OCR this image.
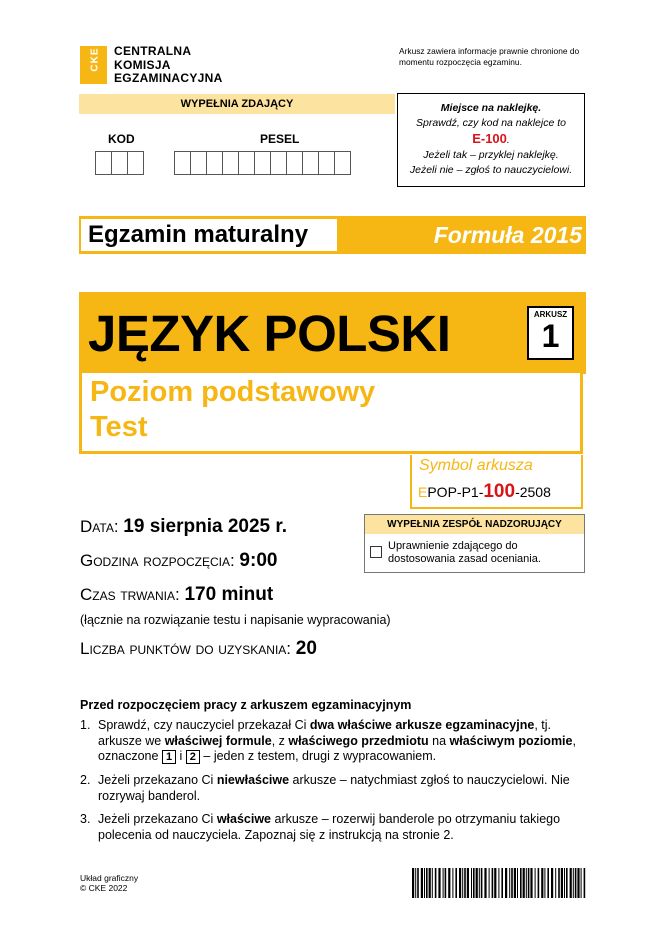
CKE CENTRALNA
KOMISJA
EGZAMINACYJNA
Arkusz zawiera informacje prawnie chronione do momentu rozpoczęcia egzaminu.
WYPEŁNIA ZDAJĄCY
KOD	PESEL
Miejsce na naklejkę.
Sprawdź, czy kod na naklejce to
E-100.
Jeżeli tak – przyklej naklejkę.
Jeżeli nie – zgłoś to nauczycielowi.
Egzamin maturalny	Formuła 2015
JĘZYK POLSKI	ARKUSZ
1
Poziom podstawowy
Test
Symbol arkusza
EPOP-P1-100-2508
Data: 19 sierpnia 2025 r.
Godzina rozpoczęcia: 9:00
Czas trwania: 170 minut
(łącznie na rozwiązanie testu i napisanie wypracowania)
Liczba punktów do uzyskania: 20
WYPEŁNIA ZESPÓŁ NADZORUJĄCY
Uprawnienie zdającego do dostosowania zasad oceniania.
Przed rozpoczęciem pracy z arkuszem egzaminacyjnym
1. Sprawdź, czy nauczyciel przekazał Ci dwa właściwe arkusze egzaminacyjne, tj. arkusze we właściwej formule, z właściwego przedmiotu na właściwym poziomie, oznaczone 1 i 2 – jeden z testem, drugi z wypracowaniem.
2. Jeżeli przekazano Ci niewłaściwe arkusze – natychmiast zgłoś to nauczycielowi. Nie rozrywaj banderol.
3. Jeżeli przekazano Ci właściwe arkusze – rozerwij banderole po otrzymaniu takiego polecenia od nauczyciela. Zapoznaj się z instrukcją na stronie 2.
Układ graficzny
© CKE 2022
